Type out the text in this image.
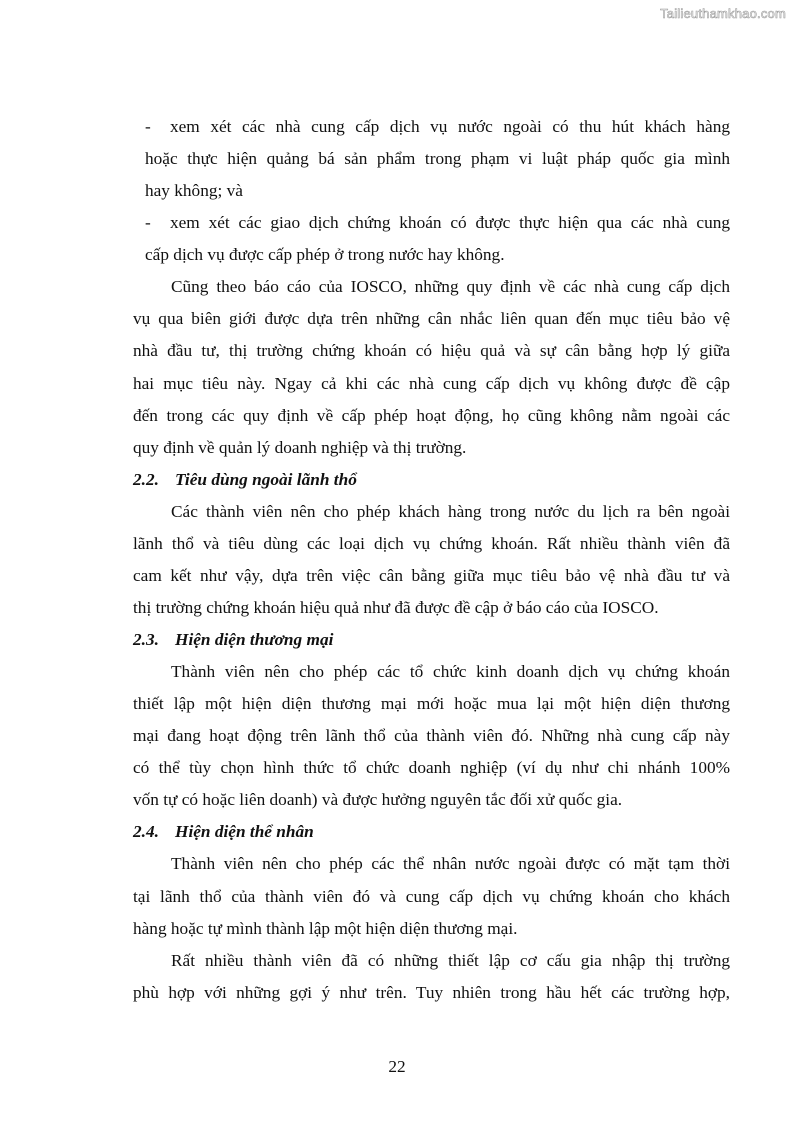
Tailieuthamkhao.com
- xem xét các nhà cung cấp dịch vụ nước ngoài có thu hút khách hàng
hoặc thực hiện quảng bá sản phẩm trong phạm vi luật pháp quốc gia mình
hay không; và
- xem xét các giao dịch chứng khoán có được thực hiện qua các nhà cung
cấp dịch vụ được cấp phép ở trong nước hay không.
Cũng theo báo cáo của IOSCO, những quy định về các nhà cung cấp dịch
vụ qua biên giới được dựa trên những cân nhắc liên quan đến mục tiêu bảo vệ
nhà đầu tư, thị trường chứng khoán có hiệu quả và sự cân bằng hợp lý giữa
hai mục tiêu này. Ngay cả khi các nhà cung cấp dịch vụ không được đề cập
đến trong các quy định về cấp phép hoạt động, họ cũng không nằm ngoài các
quy định về quản lý doanh nghiệp và thị trường.
2.2. Tiêu dùng ngoài lãnh thổ
Các thành viên nên cho phép khách hàng trong nước du lịch ra bên ngoài
lãnh thổ và tiêu dùng các loại dịch vụ chứng khoán. Rất nhiều thành viên đã
cam kết như vậy, dựa trên việc cân bằng giữa mục tiêu bảo vệ nhà đầu tư và
thị trường chứng khoán hiệu quả như đã được đề cập ở báo cáo của IOSCO.
2.3. Hiện diện thương mại
Thành viên nên cho phép các tổ chức kinh doanh dịch vụ chứng khoán
thiết lập một hiện diện thương mại mới hoặc mua lại một hiện diện thương
mại đang hoạt động trên lãnh thổ của thành viên đó. Những nhà cung cấp này
có thể tùy chọn hình thức tổ chức doanh nghiệp (ví dụ như chi nhánh 100%
vốn tự có hoặc liên doanh) và được hưởng nguyên tắc đối xử quốc gia.
2.4. Hiện diện thể nhân
Thành viên nên cho phép các thể nhân nước ngoài được có mặt tạm thời
tại lãnh thổ của thành viên đó và cung cấp dịch vụ chứng khoán cho khách
hàng hoặc tự mình thành lập một hiện diện thương mại.
Rất nhiều thành viên đã có những thiết lập cơ cấu gia nhập thị trường
phù hợp với những gợi ý như trên. Tuy nhiên trong hầu hết các trường hợp,
22
